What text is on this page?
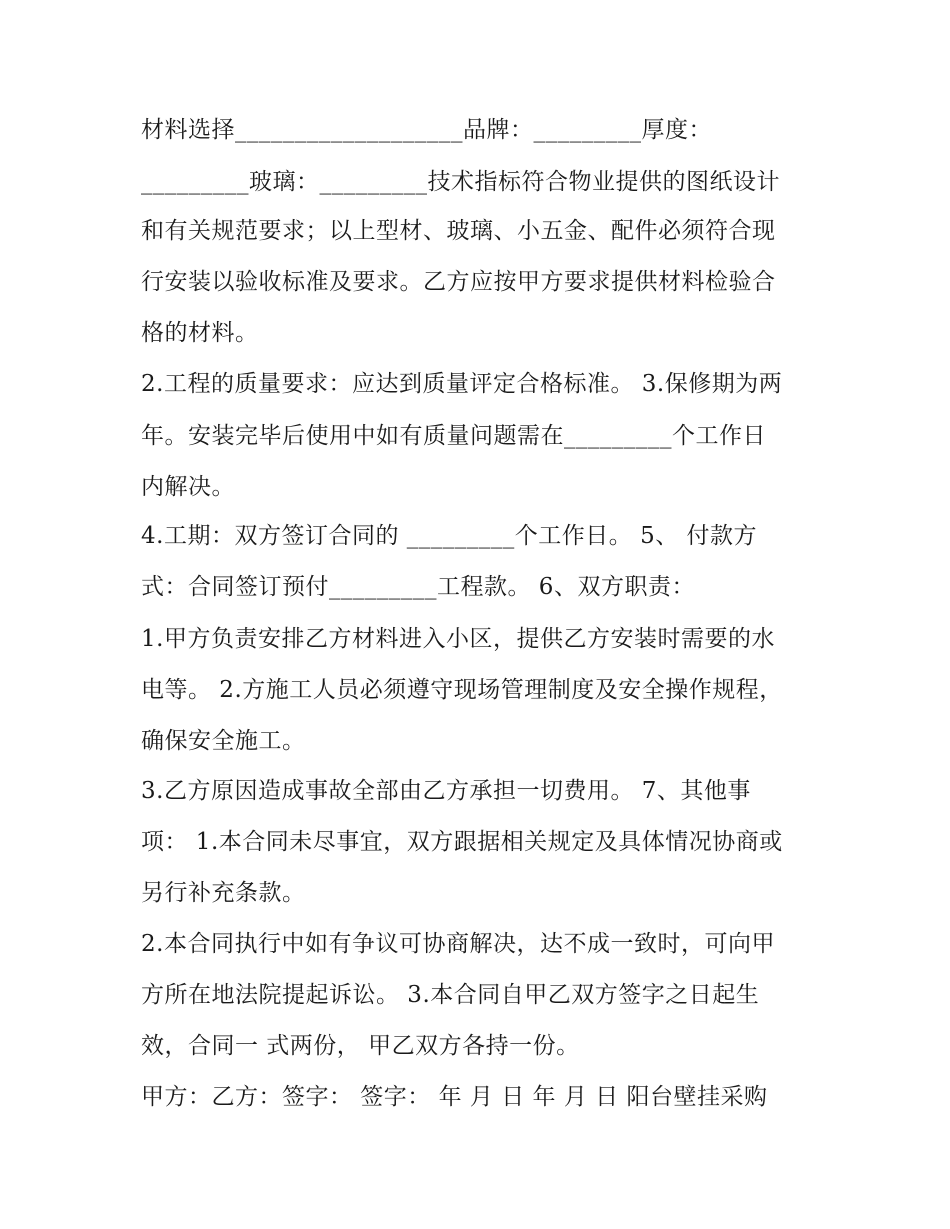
材料选择___________________品牌：_________厚度：
_________玻璃：_________技术指标符合物业提供的图纸设计
和有关规范要求；以上型材、玻璃、小五金、配件必须符合现
行安装以验收标准及要求。乙方应按甲方要求提供材料检验合
格的材料。
2.工程的质量要求：应达到质量评定合格标准。 3.保修期为两
年。安装完毕后使用中如有质量问题需在_________个工作日
内解决。
4.工期：双方签订合同的 _________个工作日。 5、 付款方
式：合同签订预付_________工程款。 6、双方职责：
1.甲方负责安排乙方材料进入小区，提供乙方安装时需要的水
电等。 2.方施工人员必须遵守现场管理制度及安全操作规程，
确保安全施工。
3.乙方原因造成事故全部由乙方承担一切费用。 7、其他事
项： 1.本合同未尽事宜，双方跟据相关规定及具体情况协商或
另行补充条款。
2.本合同执行中如有争议可协商解决，达不成一致时，可向甲
方所在地法院提起诉讼。 3.本合同自甲乙双方签字之日起生
效，合同一 式两份， 甲乙双方各持一份。
甲方：乙方：签字： 签字： 年 月 日 年 月 日 阳台壁挂采购
